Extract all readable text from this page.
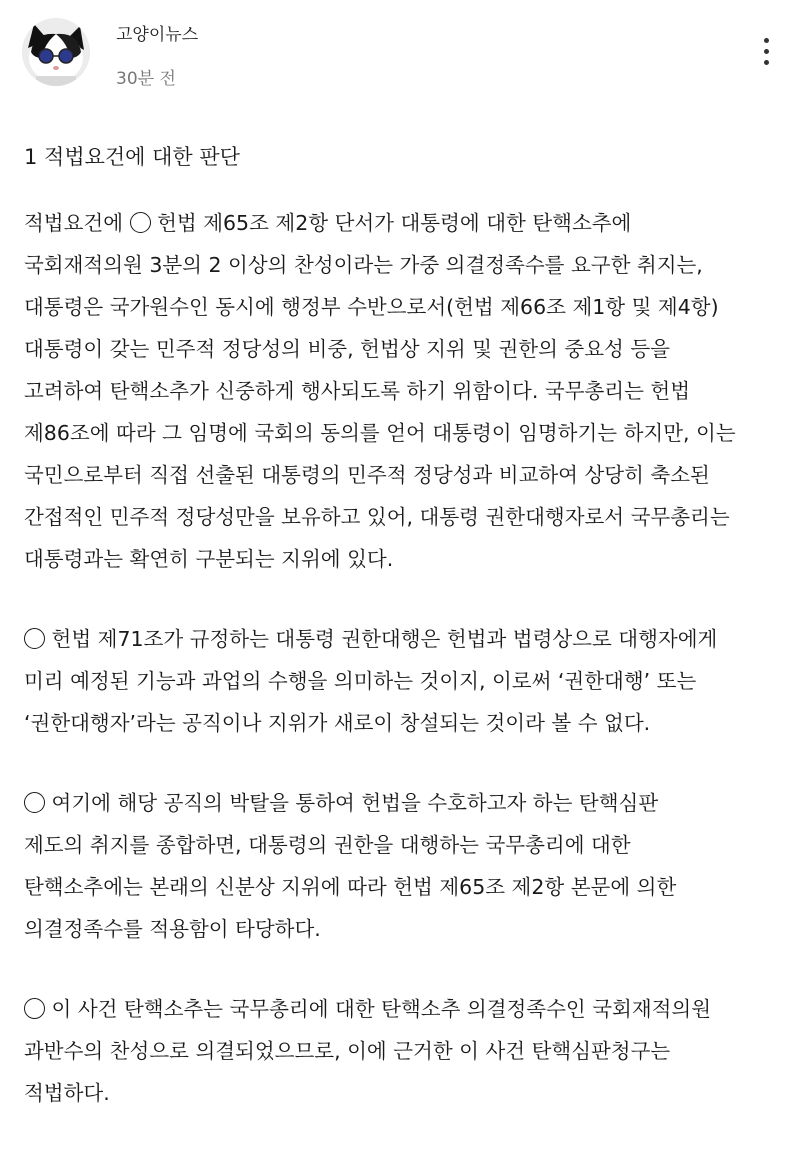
고양이뉴스
30분 전
1 적법요건에 대한 판단
적법요건에 헌법 제65조 제2항 단서가 대통령에 대한 탄핵소추에
국회재적의원 3분의 2 이상의 찬성이라는 가중 의결정족수를 요구한 취지는,
대통령은 국가원수인 동시에 행정부 수반으로서(헌법 제66조 제1항 및 제4항)
대통령이 갖는 민주적 정당성의 비중, 헌법상 지위 및 권한의 중요성 등을
고려하여 탄핵소추가 신중하게 행사되도록 하기 위함이다. 국무총리는 헌법
제86조에 따라 그 임명에 국회의 동의를 얻어 대통령이 임명하기는 하지만, 이는
국민으로부터 직접 선출된 대통령의 민주적 정당성과 비교하여 상당히 축소된
간접적인 민주적 정당성만을 보유하고 있어, 대통령 권한대행자로서 국무총리는
대통령과는 확연히 구분되는 지위에 있다.
헌법 제71조가 규정하는 대통령 권한대행은 헌법과 법령상으로 대행자에게
미리 예정된 기능과 과업의 수행을 의미하는 것이지, 이로써 ‘권한대행’ 또는
‘권한대행자’라는 공직이나 지위가 새로이 창설되는 것이라 볼 수 없다.
여기에 해당 공직의 박탈을 통하여 헌법을 수호하고자 하는 탄핵심판
제도의 취지를 종합하면, 대통령의 권한을 대행하는 국무총리에 대한
탄핵소추에는 본래의 신분상 지위에 따라 헌법 제65조 제2항 본문에 의한
의결정족수를 적용함이 타당하다.
이 사건 탄핵소추는 국무총리에 대한 탄핵소추 의결정족수인 국회재적의원
과반수의 찬성으로 의결되었으므로, 이에 근거한 이 사건 탄핵심판청구는
적법하다.
